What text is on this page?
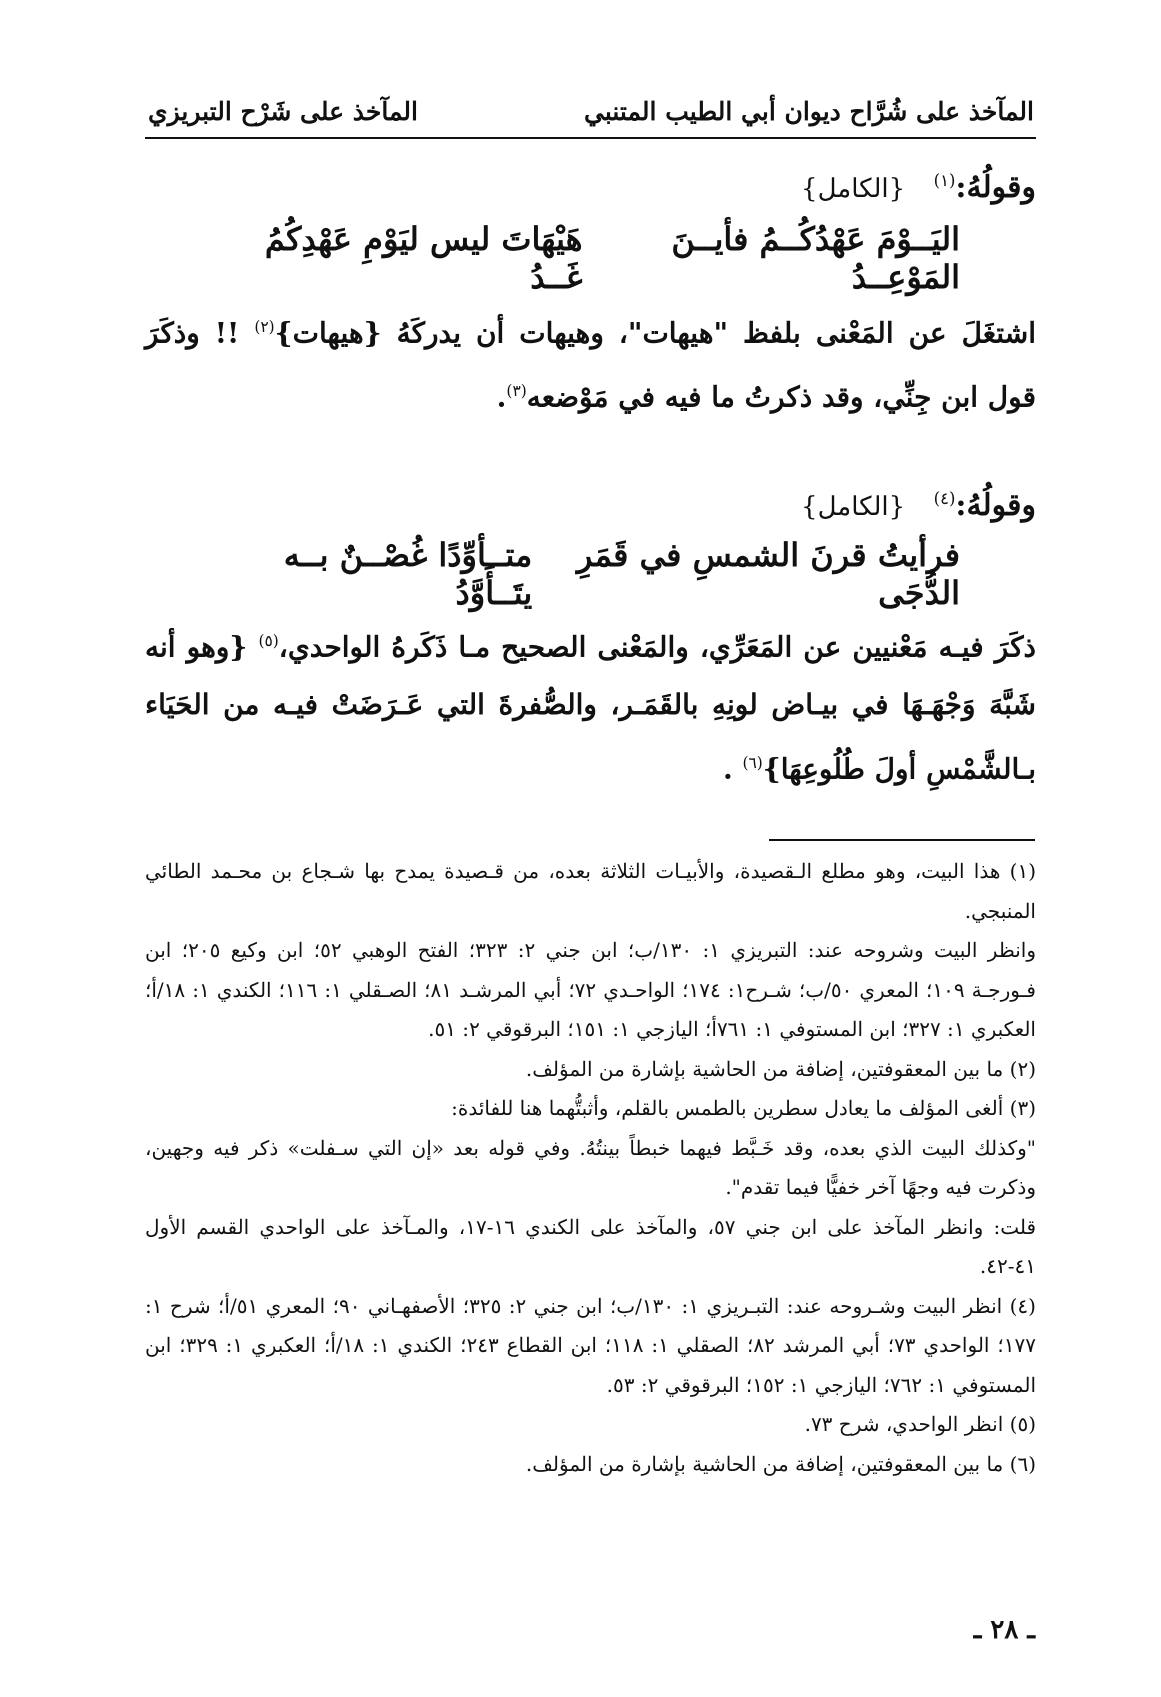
المآخذ على شُرَّاح ديوان أبي الطيب المتنبي
المآخذ على شَرْح التبريزي
وقولُهُ:$^{(١)}$ {الكامل}
اليَــوْمَ عَهْدُكُــمُ فأيــنَ المَوْعِــدُ
هَيْهَاتَ ليس ليَوْمِ عَهْدِكُمُ غَــدُ
اشتغَلَ عن المَعْنى بلفظ "هيهات"، وهيهات أن يدركَهُ {هيهات}$^{(٢)}$ !! وذكَرَ قول ابن جِنِّي، وقد ذكرتُ ما فيه في مَوْضعه$^{(٣)}$.
وقولُهُ:$^{(٤)}$ {الكامل}
فرأيتُ قرنَ الشمسِ في قَمَرِ الدُّجَى
متــأوِّدًا غُصْــنٌ بــه يتَــأَوَّدُ
ذكَرَ فيـه مَعْنيين عن المَعَرِّي، والمَعْنى الصحيح مـا ذَكَرهُ الواحدي،$^{(٥)}$ {وهو أنه شَبَّهَ وَجْهَـهَا في بيـاض لونِهِ بالقَمَـر، والصُّفرةَ التي عَـرَضَتْ فيـه من الحَيَاء بـالشَّمْسِ أولَ طُلُوعِهَا}$^{(٦)}$ .

(١) هذا البيت، وهو مطلع الـقصيدة، والأبيـات الثلاثة بعده، من قـصيدة يمدح بها شـجاع بن محـمد الطائي المنبجي.

وانظر البيت وشروحه عند: التبريزي ١: ١٣٠/ب؛ ابن جني ٢: ٣٢٣؛ الفتح الوهبي ٥٢؛ ابن وكيع ٢٠٥؛ ابن فـورجـة ١٠٩؛ المعري ٥٠/ب؛ شـرح١: ١٧٤؛ الواحـدي ٧٢؛ أبي المرشـد ٨١؛ الصـقلي ١: ١١٦؛ الكندي ١: ١٨/أ؛ العكبري ١: ٣٢٧؛ ابن المستوفي ١: ٧٦١أ؛ اليازجي ١: ١٥١؛ البرقوقي ٢: ٥١.

(٢) ما بين المعقوفتين، إضافة من الحاشية بإشارة من المؤلف.

(٣) ألغى المؤلف ما يعادل سطرين بالطمس بالقلم، وأثبتُّهما هنا للفائدة:

"وكذلك البيت الذي بعده، وقد خَـبَّط فيهما خبطاً بينتُهُ. وفي قوله بعد «إن التي سـفلت» ذكر فيه وجهين، وذكرت فيه وجهًا آخر خفيًّا فيما تقدم".

قلت: وانظر المآخذ على ابن جني ٥٧، والمآخذ على الكندي ١٦-١٧، والمـآخذ على الواحدي القسم الأول ٤١-٤٢.

(٤) انظر البيت وشـروحه عند: التبـريزي ١: ١٣٠/ب؛ ابن جني ٢: ٣٢٥؛ الأصفهـاني ٩٠؛ المعري ٥١/أ؛ شرح ١: ١٧٧؛ الواحدي ٧٣؛ أبي المرشد ٨٢؛ الصقلي ١: ١١٨؛ ابن القطاع ٢٤٣؛ الكندي ١: ١٨/أ؛ العكبري ١: ٣٢٩؛ ابن المستوفي ١: ٧٦٢؛ اليازجي ١: ١٥٢؛ البرقوقي ٢: ٥٣.

(٥) انظر الواحدي، شرح ٧٣.

(٦) ما بين المعقوفتين، إضافة من الحاشية بإشارة من المؤلف.

ـ ٢٨ ـ
